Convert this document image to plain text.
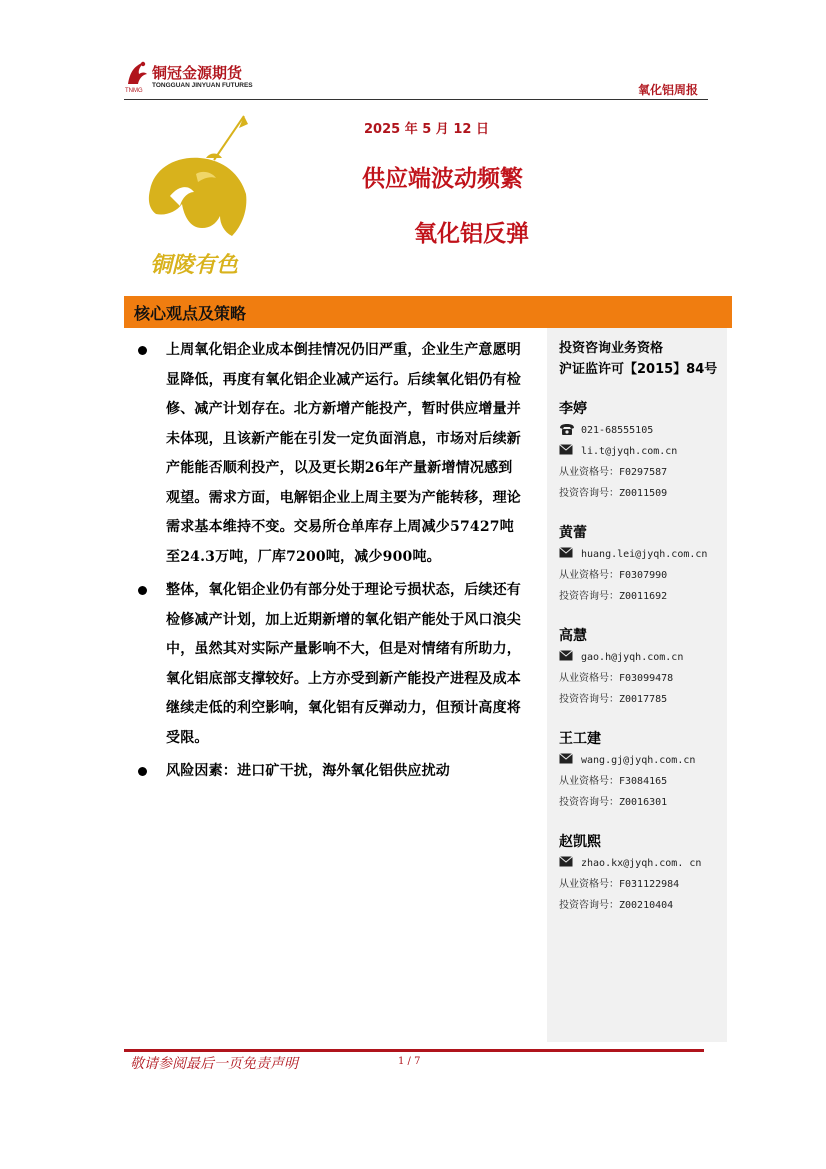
铜冠金源期货
TONGGUAN JINYUAN FUTURES
TNMG	氧化铝周报
铜陵有色
2025 年 5 月 12 日
供应端波动频繁
氧化铝反弹
核心观点及策略
上周氧化铝企业成本倒挂情况仍旧严重，企业生产意愿明显降低，再度有氧化铝企业减产运行。后续氧化铝仍有检修、减产计划存在。北方新增产能投产，暂时供应增量并未体现，且该新产能在引发一定负面消息，市场对后续新产能能否顺利投产，以及更长期26年产量新增情况感到观望。需求方面，电解铝企业上周主要为产能转移，理论需求基本维持不变。交易所仓单库存上周减少57427吨至24.3万吨，厂库7200吨，减少900吨。
整体，氧化铝企业仍有部分处于理论亏损状态，后续还有检修减产计划，加上近期新增的氧化铝产能处于风口浪尖中，虽然其对实际产量影响不大，但是对情绪有所助力，氧化铝底部支撑较好。上方亦受到新产能投产进程及成本继续走低的利空影响，氧化铝有反弹动力，但预计高度将受限。
风险因素：进口矿干扰，海外氧化铝供应扰动
投资咨询业务资格
沪证监许可【2015】84号
李婷
021-68555105
li.t@jyqh.com.cn
从业资格号：F0297587
投资咨询号：Z0011509
黄蕾
huang.lei@jyqh.com.cn
从业资格号：F0307990
投资咨询号：Z0011692
高慧
gao.h@jyqh.com.cn
从业资格号：F03099478
投资咨询号：Z0017785
王工建
wang.gj@jyqh.com.cn
从业资格号：F3084165
投资咨询号：Z0016301
赵凯熙
zhao.kx@jyqh.com. cn
从业资格号：F031122984
投资咨询号：Z00210404
敬请参阅最后一页免责声明	1 / 7
